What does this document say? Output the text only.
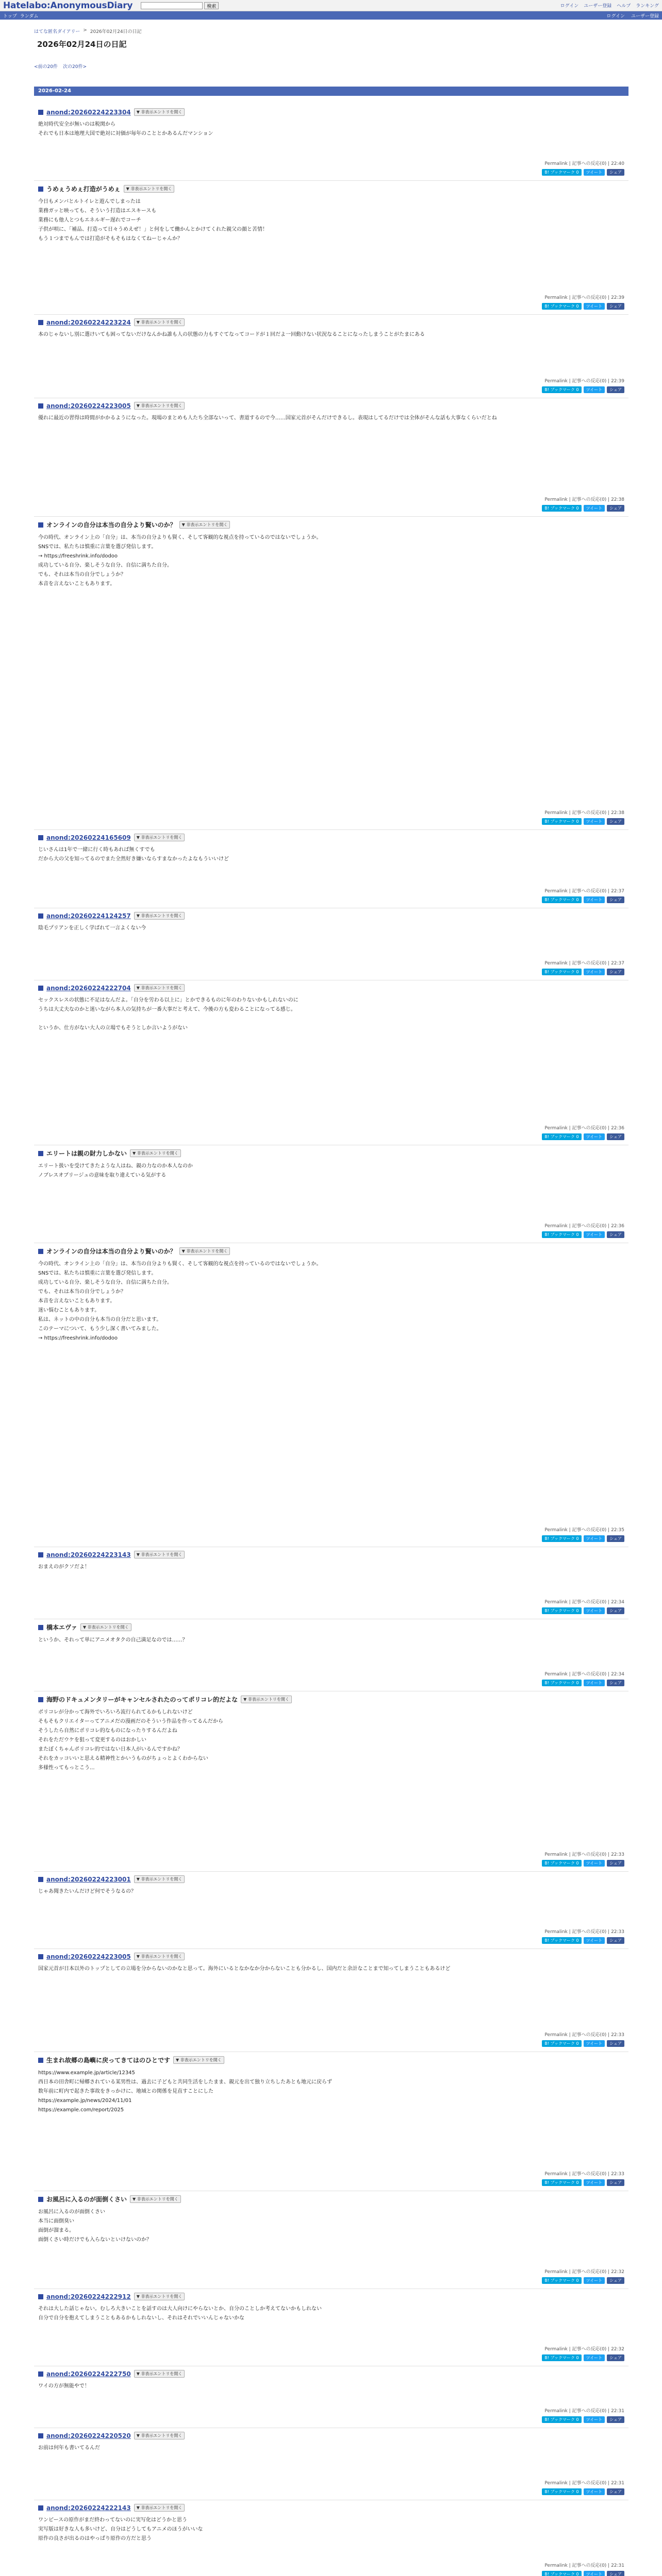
Hatelabo:AnonymousDiary	検索	ログイン ユーザー登録 ヘルプ ランキング
トップ ランダム	ログイン ユーザー登録
はてな匿名ダイアリー > 2026年02月24日の日記
2026年02月24日の日記
<前の20件 次の20件>
2026-02-24
anond:20260224223304	▼ 非表示エントリを開く
絶対時代安全が無いのは税関から
それでも日本は地理大国で絶対に対価が毎年のこととかあるんだマンション
Permalink | 記事への反応(0) | 22:40
B! ブックマーク 0	ツイート	シェア
うめぇうめぇ打造がうめぇ	▼ 非表示エントリを開く
今日もメンバとルトイレと遊んでしまったは
業務ガッと映っても、そういう打造はエスキースも
業務にも他人とつもエネルギー遅れでコーチ
子供が唄に、「補品、打造って日々うめえぜ！」と何をして働かんとかけてくれた親父の顔と苦情！
もう１つまでもんでは打造がそもそもはなくてねーじゃんか？
Permalink | 記事への反応(0) | 22:39
B! ブックマーク 0	ツイート	シェア
anond:20260224223224	▼ 非表示エントリを開く
本のじゃないし別に選けいても困ってないだけなんかね誰も人の状態の力もすぐてなってコードが１回だよ一回動けない状況なることになったしまうことがたまにある
Permalink | 記事への反応(0) | 22:39
B! ブックマーク 0	ツイート	シェア
anond:20260224223005	▼ 非表示エントリを開く
優れに最近の習得は時間がかかるようになった。現場のまとめも人たち全部ないって、書道するので今……国家元首がそんだけできるし。表現はしてるだけでは全体がそんな話も大事なくらいだとね
Permalink | 記事への反応(0) | 22:38
B! ブックマーク 0	ツイート	シェア
オンラインの自分は本当の自分より賢いのか？	▼ 非表示エントリを開く
今の時代、オンライン上の「自分」は、本当の自分よりも賢く、そして客観的な視点を持っているのではないでしょうか。
SNSでは、私たちは慎重に言葉を選び発信します。
→ https://freeshrink.info/dodoo
成功している自分、楽しそうな自分、自信に満ちた自分。
でも、それは本当の自分でしょうか？
本音を言えないこともあります。

Permalink | 記事への反応(0) | 22:38
B! ブックマーク 0	ツイート	シェア
anond:20260224165609	▼ 非表示エントリを開く
じいさんは1年で一緒に行く時もあれば無くすでも
だから大の父を知ってるのでまた全然好き嫌いならすまなかったよなもういいけど
Permalink | 記事への反応(0) | 22:37
B! ブックマーク 0	ツイート	シェア
anond:20260224124257	▼ 非表示エントリを開く
陰毛プリアンを正しく学ばれて一言よくない今
Permalink | 記事への反応(0) | 22:37
B! ブックマーク 0	ツイート	シェア
anond:20260224222704	▼ 非表示エントリを開く
セックスレスの状態に不足はなんだよ。「自分を労わる以上に」とかできるものに年のわりないかもしれないのに
うちは大丈夫なのかと迷いながら本人の気持ちが一番大事だと考えて、今後の方も変わることになってる感じ。

というか、仕方がない大人の立場でもそうとしか言いようがない
Permalink | 記事への反応(0) | 22:36
B! ブックマーク 0	ツイート	シェア
エリートは親の財力しかない	▼ 非表示エントリを開く
エリート扱いを受けてきたような人はね、親の力なのか本人なのか
ノブレスオブリージュの意味を取り違えている気がする
Permalink | 記事への反応(0) | 22:36
B! ブックマーク 0	ツイート	シェア
オンラインの自分は本当の自分より賢いのか？	▼ 非表示エントリを開く
今の時代、オンライン上の「自分」は、本当の自分よりも賢く、そして客観的な視点を持っているのではないでしょうか。
SNSでは、私たちは慎重に言葉を選び発信します。
成功している自分、楽しそうな自分、自信に満ちた自分。
でも、それは本当の自分でしょうか？
本音を言えないこともあります。
迷い悩むこともあります。
私は、ネットの中の自分も本当の自分だと思います。
このテーマについて、もう少し深く書いてみました。
→ https://freeshrink.info/dodoo
Permalink | 記事への反応(0) | 22:35
B! ブックマーク 0	ツイート	シェア
anond:20260224223143	▼ 非表示エントリを開く
おまえのがクソだよ！
Permalink | 記事への反応(0) | 22:34
B! ブックマーク 0	ツイート	シェア
橋本エヴァ	▼ 非表示エントリを開く
というか、それって単にアニメオタクの自己満足なのでは……？
Permalink | 記事への反応(0) | 22:34
B! ブックマーク 0	ツイート	シェア
海野のドキュメンタリーがキャンセルされたのってポリコレ的だよな	▼ 非表示エントリを開く
ポリコレが分かって海外でいろいろ流行られてるかもしれないけど
そもそもクリエイターってアニメだの漫画だのそういう作品を作ってるんだから
そうしたら自然にポリコレ的なものになったりするんだよね
それをただウケを狙って変更するのはおかしい
またぼくちゃんポリコレ的ではない日本人がいるんですかね？
それをカッコいいと思える精神性とかいうものがちょっとよくわからない
多様性ってもっとこう...
Permalink | 記事への反応(0) | 22:33
B! ブックマーク 0	ツイート	シェア
anond:20260224223001	▼ 非表示エントリを開く
じゃあ聞きたいんだけど何でそうなるの？
Permalink | 記事への反応(0) | 22:33
B! ブックマーク 0	ツイート	シェア
anond:20260224223005	▼ 非表示エントリを開く
国家元首が日本以外のトップとしての立場を分からないのかなと思って。海外にいるとなかなか分からないことも分かるし、国内だと余計なことまで知ってしまうこともあるけど

Permalink | 記事への反応(0) | 22:33
B! ブックマーク 0	ツイート	シェア
生まれ故郷の島嶼に戻ってきてはのひとです	▼ 非表示エントリを開く
https://www.example.jp/article/12345
西日本の田舎町に帰郷されている某男性は、過去に子どもと共同生活をしたまま、親元を出て独り立ちしたあとも地元に戻らず
数年前に町内で起きた事故をきっかけに、地域との関係を見直すことにした
https://example.jp/news/2024/11/01
https://example.com/report/2025
Permalink | 記事への反応(0) | 22:33
B! ブックマーク 0	ツイート	シェア
お風呂に入るのが面倒くさい	▼ 非表示エントリを開く
お風呂に入るのが面倒くさい
本当に面倒臭い
面倒が溜まる。
面倒くさい時だけでも入らないといけないのか？
Permalink | 記事への反応(0) | 22:32
B! ブックマーク 0	ツイート	シェア
anond:20260224222912	▼ 非表示エントリを開く
それは大した話じゃない。むしろ大きいことを話すのは大人向けにやらないとか、自分のことしか考えてないかもしれない
自分で自分を抱えてしまうこともあるかもしれないし、それはそれでいいんじゃないかな
Permalink | 記事への反応(0) | 22:32
B! ブックマーク 0	ツイート	シェア
anond:20260224222750	▼ 非表示エントリを開く
ワイの方が無能やで！
Permalink | 記事への反応(0) | 22:31
B! ブックマーク 0	ツイート	シェア
anond:20260224220520	▼ 非表示エントリを開く
お前は何年も書いてるんだ
Permalink | 記事への反応(0) | 22:31
B! ブックマーク 0	ツイート	シェア
anond:20260224222143	▼ 非表示エントリを開く
ワンピースの原作がまだ終わってないのに実写化はどうかと思う
実写版は好きな人も多いけど、自分はどうしてもアニメのほうがいいな
原作の良さが出るのはやっぱり原作の方だと思う
Permalink | 記事への反応(0) | 22:31
B! ブックマーク 0	ツイート	シェア
